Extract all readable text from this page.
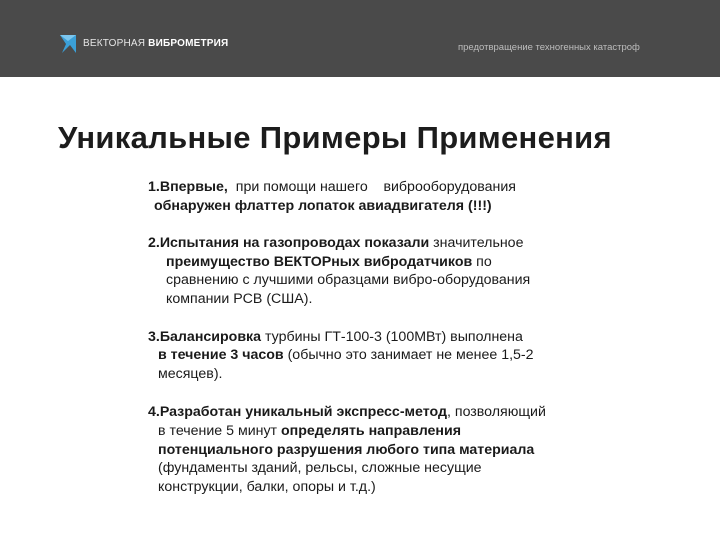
ВЕКТОРНАЯ ВИБРОМЕТРИЯ	предотвращение техногенных катастроф
Уникальные Примеры Применения
1.Впервые,  при помощи нашего    виброоборудования
обнаружен флаттер лопаток авиадвигателя (!!!)
2.Испытания на газопроводах показали значительное
преимущество ВЕКТОРных вибродатчиков по
сравнению с лучшими образцами вибро-оборудования
компании PCB (США).
3.Балансировка турбины ГТ-100-3 (100МВт) выполнена
в течение 3 часов (обычно это занимает не менее 1,5-2
месяцев).
4.Разработан уникальный экспресс-метод, позволяющий
в течение 5 минут определять направления
потенциального разрушения любого типа материала
(фундаменты зданий, рельсы, сложные несущие
конструкции, балки, опоры и т.д.)
